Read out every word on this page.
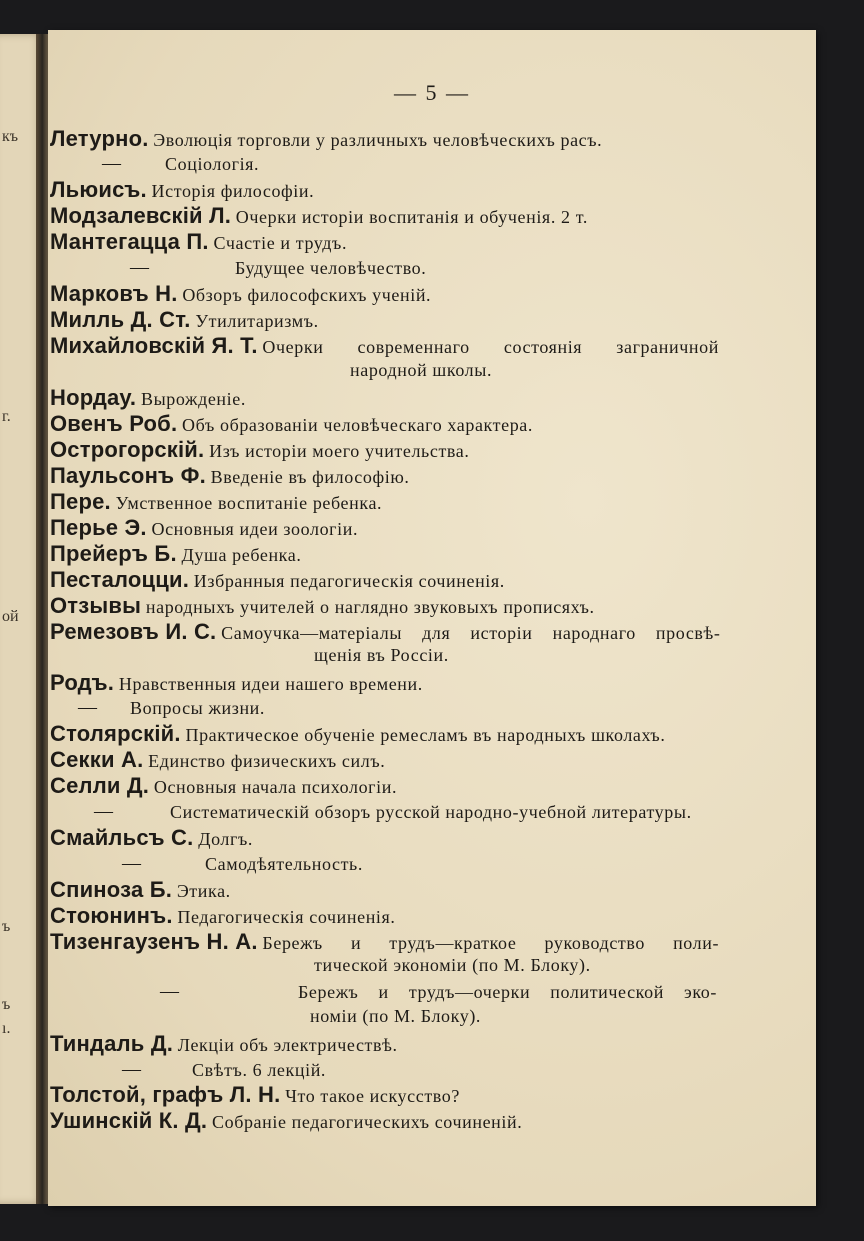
къ
г.
ой
ъ
ъ
ı.
— 5 —
Летурно. Эволюція торговли у различныхъ человѣческихъ расъ.
— Соціологія.
Льюисъ. Исторія философіи.
Модзалевскій Л. Очерки исторіи воспитанія и обученія. 2 т.
Мантегацца П. Счастіе и трудъ.
—	Будущее человѣчество.
Марковъ Н. Обзоръ философскихъ ученій.
Милль Д. Ст. Утилитаризмъ.
Михайловскій Я. Т. Очерки современнаго состоянія заграничной
народной школы.
Нордау. Вырожденіе.
Овенъ Роб. Объ образованіи человѣческаго характера.
Острогорскій. Изъ исторіи моего учительства.
Паульсонъ Ф. Введеніе въ философію.
Пере. Умственное воспитаніе ребенка.
Перье Э. Основныя идеи зоологіи.
Прейеръ Б. Душа ребенка.
Песталоцци. Избранныя педагогическія сочиненія.
Отзывы народныхъ учителей о наглядно звуковыхъ прописяхъ.
Ремезовъ И. С. Самоучка—матеріалы для исторіи народнаго просвѣ-
щенія въ Россіи.
Родъ. Нравственныя идеи нашего времени.
— Вопросы жизни.
Столярскій. Практическое обученіе ремесламъ въ народныхъ школахъ.
Секки А. Единство физическихъ силъ.
Селли Д. Основныя начала психологіи.
—	Систематическій обзоръ русской народно-учебной литературы.
Смайльсъ С. Долгъ.
—	Самодѣятельность.
Спиноза Б. Этика.
Стоюнинъ. Педагогическія сочиненія.
Тизенгаузенъ Н. А. Бережъ и трудъ—краткое руководство поли-
тической экономіи (по М. Блоку).
—	Бережъ и трудъ—очерки политической эко-
номіи (по М. Блоку).
Тиндаль Д. Лекціи объ электричествѣ.
—	Свѣтъ. 6 лекцій.
Толстой, графъ Л. Н. Что такое искусство?
Ушинскій К. Д. Собраніе педагогическихъ сочиненій.
